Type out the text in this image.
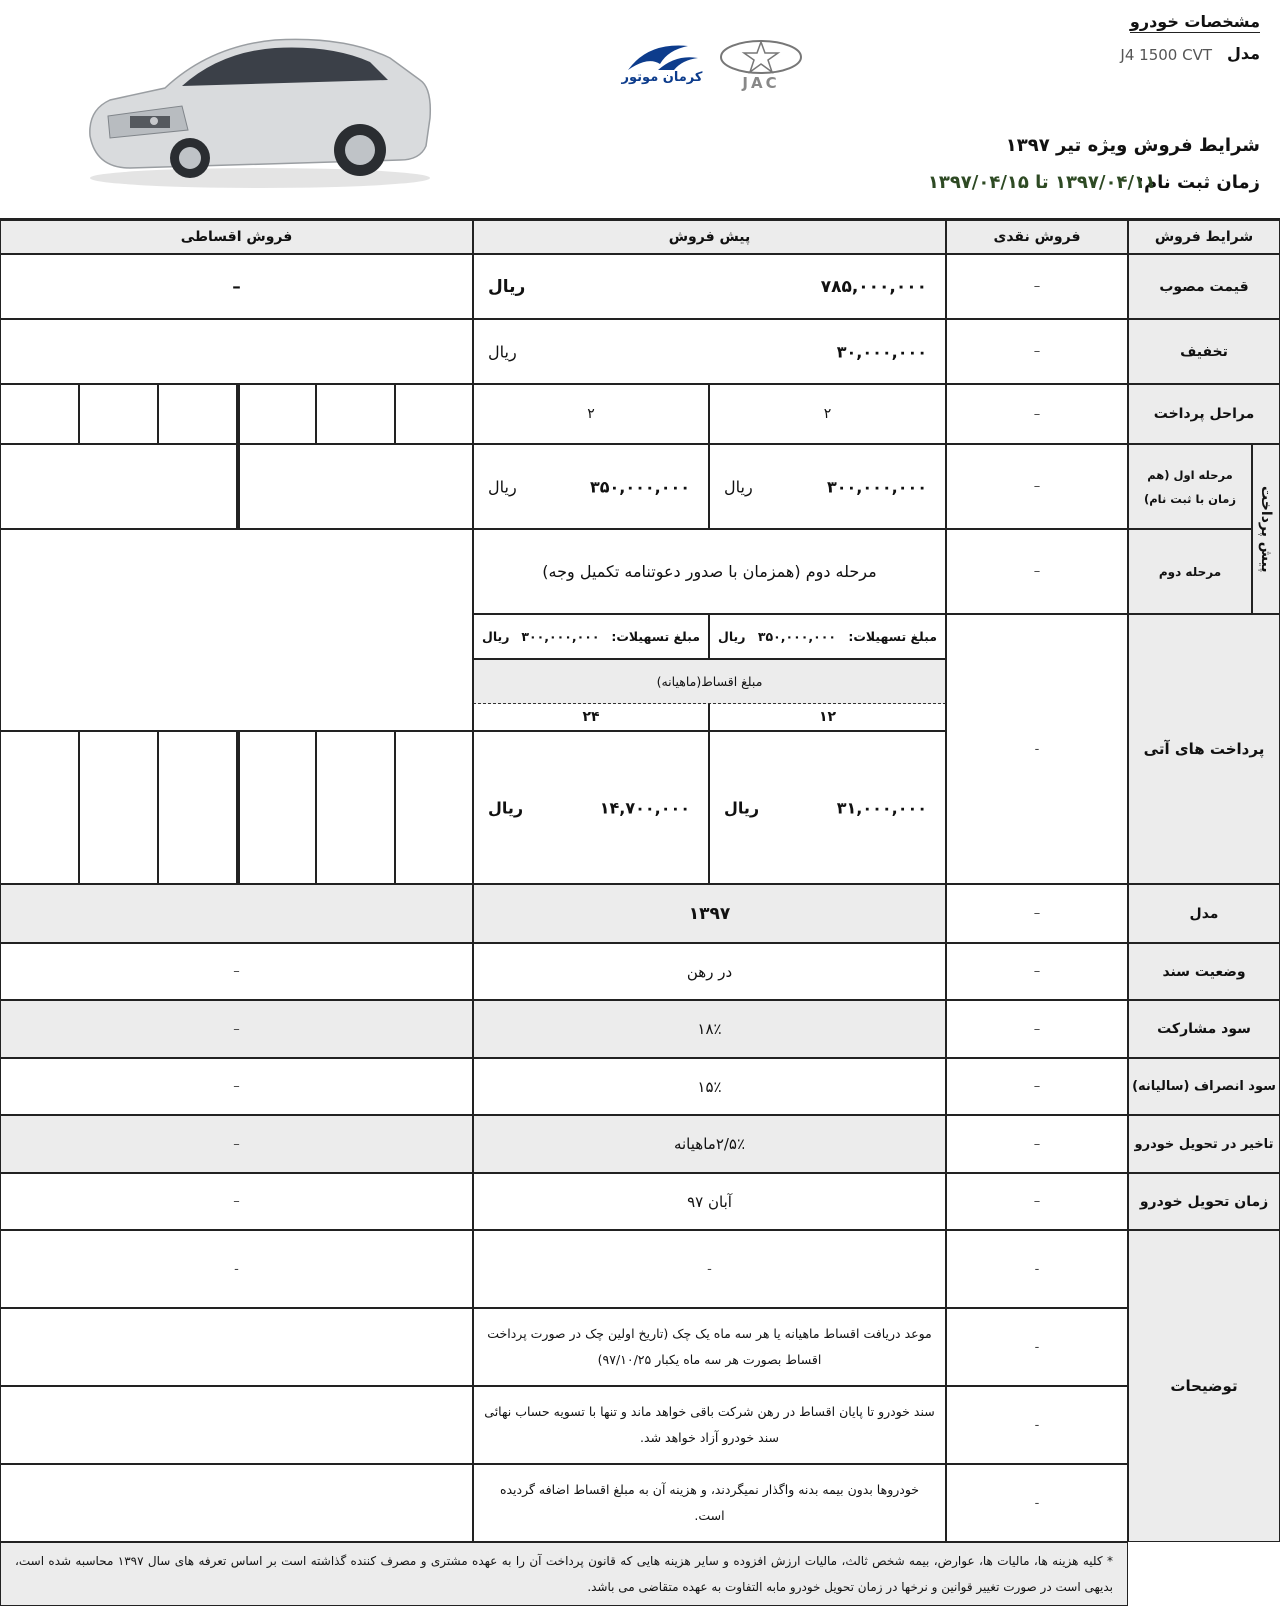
کرمان موتور	JAC
مشخصات خودرو
مدل
J4 1500 CVT
شرایط فروش ویژه تیر ۱۳۹۷
زمان ثبت نام:
۱۳۹۷/۰۴/۱۱ تا ۱۳۹۷/۰۴/۱۵
شرایط فروش
فروش نقدی
پیش فروش
فروش اقساطی
قیمت مصوب
–
۷۸۵,۰۰۰,۰۰۰
ریال
–
تخفیف
–
۳۰,۰۰۰,۰۰۰
ریال
مراحل پرداخت
–
۲
۲
پیش پرداخت
مرحله اول (هم زمان با ثبت نام)
–
۳۰۰,۰۰۰,۰۰۰
ریال
۳۵۰,۰۰۰,۰۰۰
ریال
مرحله دوم
–
مرحله دوم (همزمان با صدور دعوتنامه تکمیل وجه)
پرداخت های آتی
-
مبلغ تسهیلات:
۳۵۰,۰۰۰,۰۰۰
ریال
مبلغ تسهیلات:
۳۰۰,۰۰۰,۰۰۰
ریال
مبلغ اقساط(ماهیانه)
۱۲
۲۴
۳۱,۰۰۰,۰۰۰
ریال
۱۴,۷۰۰,۰۰۰
ریال
مدل
–
۱۳۹۷
وضعیت سند
–
در رهن
–
سود مشارکت
–
۱۸٪
–
سود انصراف (سالیانه)
–
۱۵٪
–
تاخیر در تحویل خودرو
–
۲/۵٪ماهیانه
–
زمان تحویل خودرو
–
آبان ۹۷
–
توضیحات
-
-
-
-
-
موعد دریافت اقساط ماهیانه یا هر سه ماه یک چک (تاریخ اولین چک در صورت پرداخت اقساط بصورت هر سه ماه یکبار ۹۷/۱۰/۲۵)
سند خودرو تا پایان اقساط در رهن شرکت باقی خواهد ماند و تنها با تسویه حساب نهائی سند خودرو آزاد خواهد شد.
خودروها بدون بیمه بدنه واگذار نمیگردند، و هزینه آن به مبلغ اقساط اضافه گردیده است.
-
* کلیه هزینه ها، مالیات ها، عوارض، بیمه شخص ثالث، مالیات ارزش افزوده و سایر هزینه هایی که قانون پرداخت آن را به عهده مشتری و مصرف کننده گذاشته است بر اساس تعرفه های سال ۱۳۹۷ محاسبه شده است، بدیهی است در صورت تغییر قوانین و نرخها در زمان تحویل خودرو مابه التفاوت به عهده متقاضی می باشد.
